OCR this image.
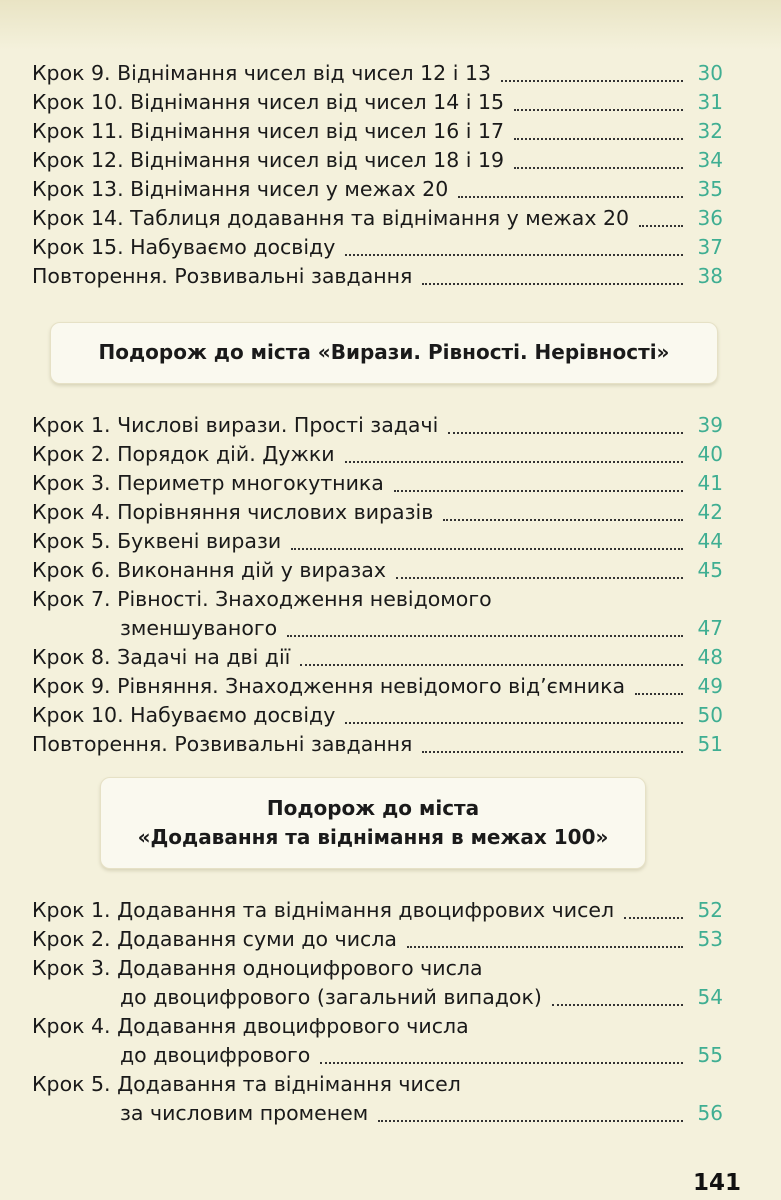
Крок 9. Віднімання чисел від чисел 12 і 13	30
Крок 10. Віднімання чисел від чисел 14 і 15	31
Крок 11. Віднімання чисел від чисел 16 і 17	32
Крок 12. Віднімання чисел від чисел 18 і 19	34
Крок 13. Віднімання чисел у межах 20	35
Крок 14. Таблиця додавання та віднімання у межах 20	36
Крок 15. Набуваємо досвіду	37
Повторення. Розвивальні завдання	38
Подорож до міста «Вирази. Рівності. Нерівності»
Крок 1. Числові вирази. Прості задачі	39
Крок 2. Порядок дій. Дужки	40
Крок 3. Периметр многокутника	41
Крок 4. Порівняння числових виразів	42
Крок 5. Буквені вирази	44
Крок 6. Виконання дій у виразах	45
Крок 7. Рівності. Знаходження невідомого
зменшуваного	47
Крок 8. Задачі на дві дії	48
Крок 9. Рівняння. Знаходження невідомого від’ємника	49
Крок 10. Набуваємо досвіду	50
Повторення. Розвивальні завдання	51
Подорож до міста
«Додавання та віднімання в межах 100»
Крок 1. Додавання та віднімання двоцифрових чисел	52
Крок 2. Додавання суми до числа	53
Крок 3. Додавання одноцифрового числа
до двоцифрового (загальний випадок)	54
Крок 4. Додавання двоцифрового числа
до двоцифрового	55
Крок 5. Додавання та віднімання чисел
за числовим променем	56
141
